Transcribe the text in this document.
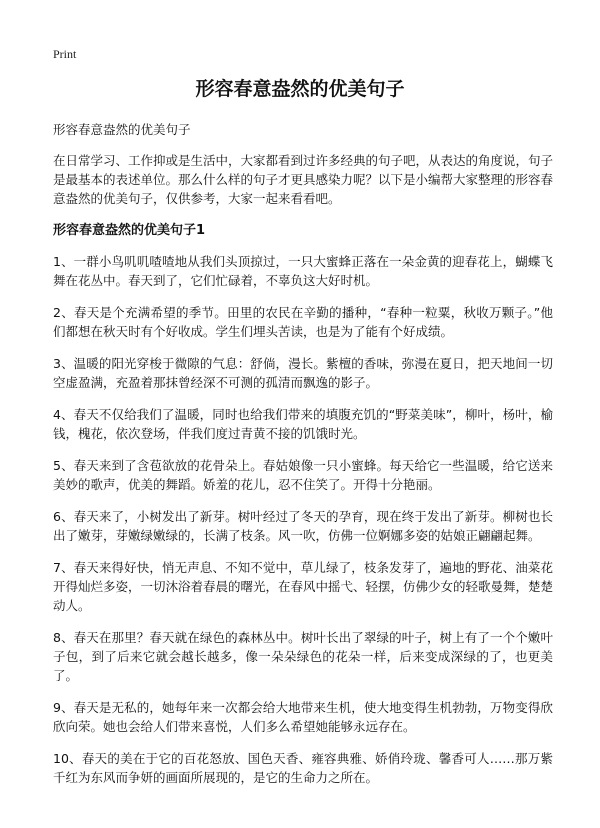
Print
形容春意盎然的优美句子

形容春意盎然的优美句子

在日常学习、工作抑或是生活中，大家都看到过许多经典的句子吧，从表达的角度说，句子是最基本的表述单位。那么什么样的句子才更具感染力呢？以下是小编帮大家整理的形容春意盎然的优美句子，仅供参考，大家一起来看看吧。

形容春意盎然的优美句子1

1、一群小鸟叽叽喳喳地从我们头顶掠过，一只大蜜蜂正落在一朵金黄的迎春花上，蝴蝶飞舞在花丛中。春天到了，它们忙碌着，不辜负这大好时机。

2、春天是个充满希望的季节。田里的农民在辛勤的播种，“春种一粒粟，秋收万颗子。”他们都想在秋天时有个好收成。学生们埋头苦读，也是为了能有个好成绩。

3、温暖的阳光穿梭于微隙的气息：舒倘，漫长。紫檀的香味，弥漫在夏日，把天地间一切空虚盈满，充盈着那抹曾经深不可测的孤清而飘逸的影子。

4、春天不仅给我们了温暖，同时也给我们带来的填腹充饥的“野菜美味”，柳叶，杨叶，榆钱，槐花，依次登场，伴我们度过青黄不接的饥饿时光。

5、春天来到了含苞欲放的花骨朵上。春姑娘像一只小蜜蜂。每天给它一些温暖，给它送来美妙的歌声，优美的舞蹈。娇羞的花儿，忍不住笑了。开得十分艳丽。

6、春天来了，小树发出了新芽。树叶经过了冬天的孕育，现在终于发出了新芽。柳树也长出了嫩芽，芽嫩绿嫩绿的，长满了枝条。风一吹，仿佛一位婀娜多姿的姑娘正翩翩起舞。

7、春天来得好快，悄无声息、不知不觉中，草儿绿了，枝条发芽了，遍地的野花、油菜花开得灿烂多姿，一切沐浴着春晨的曙光，在春风中摇弋、轻摆，仿佛少女的轻歌曼舞，楚楚动人。

8、春天在那里？春天就在绿色的森林丛中。树叶长出了翠绿的叶子，树上有了一个个嫩叶子包，到了后来它就会越长越多，像一朵朵绿色的花朵一样，后来变成深绿的了，也更美了。

9、春天是无私的，她每年来一次都会给大地带来生机，使大地变得生机勃勃，万物变得欣欣向荣。她也会给人们带来喜悦，人们多么希望她能够永远存在。

10、春天的美在于它的百花怒放、国色天香、雍容典雅、娇俏玲珑、馨香可人……那万紫千红为东风而争妍的画面所展现的，是它的生命力之所在。
